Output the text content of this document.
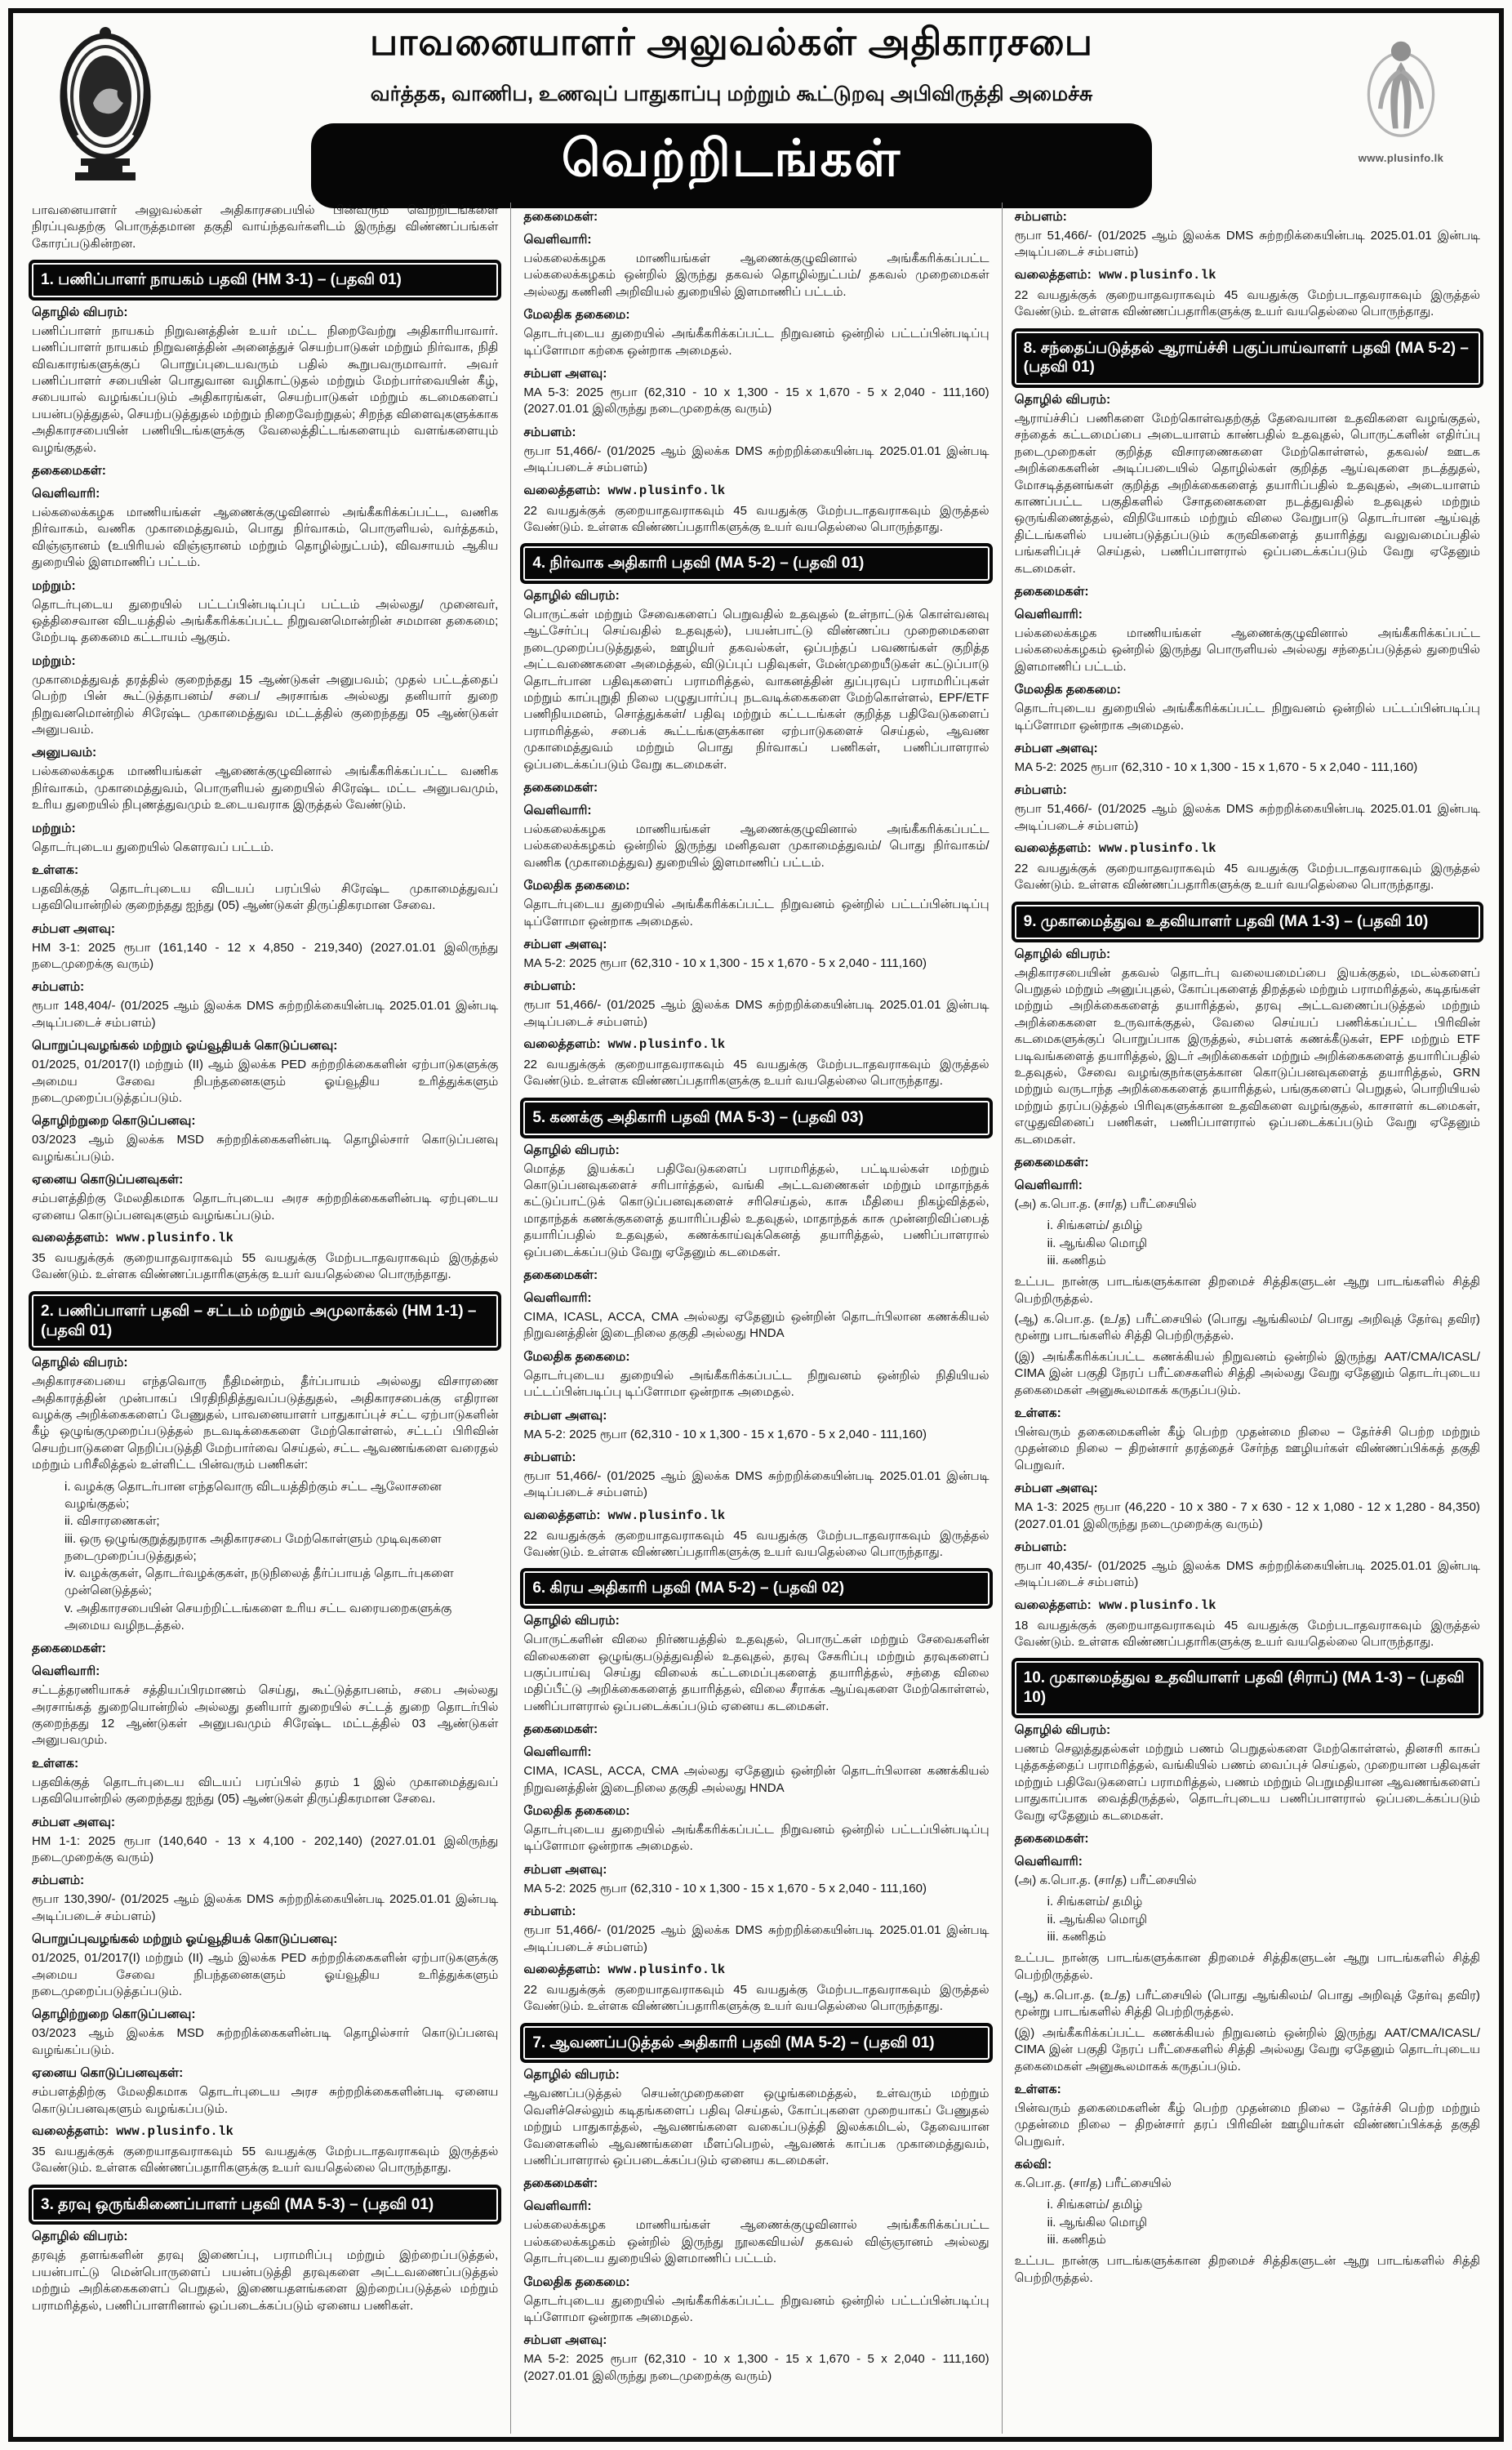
பாவனையாளர் அலுவல்கள் அதிகாரசபை
வர்த்தக, வாணிப, உணவுப் பாதுகாப்பு மற்றும் கூட்டுறவு அபிவிருத்தி அமைச்சு
வெற்றிடங்கள்	www.plusinfo.lk

பாவனையாளர் அலுவல்கள் அதிகாரசபையில் பின்வரும் வெற்றிடங்களை நிரப்புவதற்கு பொருத்தமான தகுதி வாய்ந்தவர்களிடம் இருந்து விண்ணப்பங்கள் கோரப்படுகின்றன.

1. பணிப்பாளர் நாயகம் பதவி (HM 3-1) – (பதவி 01)
தொழில் விபரம்:

பணிப்பாளர் நாயகம் நிறுவனத்தின் உயர் மட்ட நிறைவேற்று அதிகாரியாவார். பணிப்பாளர் நாயகம் நிறுவனத்தின் அனைத்துச் செயற்பாடுகள் மற்றும் நிர்வாக, நிதி விவகாரங்களுக்குப் பொறுப்புடையவரும் பதில் கூறுபவருமாவார். அவர் பணிப்பாளர் சபையின் பொதுவான வழிகாட்டுதல் மற்றும் மேற்பார்வையின் கீழ், சபையால் வழங்கப்படும் அதிகாரங்கள், செயற்பாடுகள் மற்றும் கடமைகளைப் பயன்படுத்துதல், செயற்படுத்துதல் மற்றும் நிறைவேற்றுதல்; சிறந்த விளைவுகளுக்காக அதிகாரசபையின் பணியிடங்களுக்கு வேலைத்திட்டங்களையும் வளங்களையும் வழங்குதல்.

தகைமைகள்:
வெளிவாரி:

பல்கலைக்கழக மாணியங்கள் ஆணைக்குழுவினால் அங்கீகரிக்கப்பட்ட, வணிக நிர்வாகம், வணிக முகாமைத்துவம், பொது நிர்வாகம், பொருளியல், வர்த்தகம், விஞ்ஞானம் (உயிரியல் விஞ்ஞானம் மற்றும் தொழில்நுட்பம்), விவசாயம் ஆகிய துறையில் இளமாணிப் பட்டம்.

மற்றும்:

தொடர்புடைய துறையில் பட்டப்பின்படிப்புப் பட்டம் அல்லது/ முனைவர், ஒத்திசைவான விடயத்தில் அங்கீகரிக்கப்பட்ட நிறுவனமொன்றின் சமமான தகைமை; மேற்படி தகைமை கட்டாயம் ஆகும்.

மற்றும்:

முகாமைத்துவத் தரத்தில் குறைந்தது 15 ஆண்டுகள் அனுபவம்; முதல் பட்டத்தைப் பெற்ற பின் கூட்டுத்தாபனம்/ சபை/ அரசாங்க அல்லது தனியார் துறை நிறுவனமொன்றில் சிரேஷ்ட முகாமைத்துவ மட்டத்தில் குறைந்தது 05 ஆண்டுகள் அனுபவம்.

அனுபவம்:

பல்கலைக்கழக மாணியங்கள் ஆணைக்குழுவினால் அங்கீகரிக்கப்பட்ட வணிக நிர்வாகம், முகாமைத்துவம், பொருளியல் துறையில் சிரேஷ்ட மட்ட அனுபவமும், உரிய துறையில் நிபுணத்துவமும் உடையவராக இருத்தல் வேண்டும்.

மற்றும்:

தொடர்புடைய துறையில் கௌரவப் பட்டம்.

உள்ளக:

பதவிக்குத் தொடர்புடைய விடயப் பரப்பில் சிரேஷ்ட முகாமைத்துவப் பதவியொன்றில் குறைந்தது ஐந்து (05) ஆண்டுகள் திருப்திகரமான சேவை.

சம்பள அளவு:

HM 3-1: 2025 ரூபா (161,140 - 12 x 4,850 - 219,340) (2027.01.01 இலிருந்து நடைமுறைக்கு வரும்)

சம்பளம்:

ரூபா 148,404/- (01/2025 ஆம் இலக்க DMS சுற்றறிக்கையின்படி 2025.01.01 இன்படி அடிப்படைச் சம்பளம்)

பொறுப்புவழங்கல் மற்றும் ஓய்வூதியக் கொடுப்பனவு:

01/2025, 01/2017(I) மற்றும் (II) ஆம் இலக்க PED சுற்றறிக்கைகளின் ஏற்பாடுகளுக்கு அமைய சேவை நிபந்தனைகளும் ஓய்வூதிய உரித்துக்களும் நடைமுறைப்படுத்தப்படும்.

தொழிற்றுறை கொடுப்பனவு:

03/2023 ஆம் இலக்க MSD சுற்றறிக்கைகளின்படி தொழில்சார் கொடுப்பனவு வழங்கப்படும்.

ஏனைய கொடுப்பனவுகள்:

சம்பளத்திற்கு மேலதிகமாக தொடர்புடைய அரச சுற்றறிக்கைகளின்படி ஏற்புடைய ஏனைய கொடுப்பனவுகளும் வழங்கப்படும்.

வலைத்தளம்: www.plusinfo.lk

35 வயதுக்குக் குறையாதவராகவும் 55 வயதுக்கு மேற்படாதவராகவும் இருத்தல் வேண்டும். உள்ளக விண்ணப்பதாரிகளுக்கு உயர் வயதெல்லை பொருந்தாது.

2. பணிப்பாளர் பதவி – சட்டம் மற்றும் அமுலாக்கல் (HM 1-1) – (பதவி 01)
தொழில் விபரம்:

அதிகாரசபையை எந்தவொரு நீதிமன்றம், தீர்ப்பாயம் அல்லது விசாரணை அதிகாரத்தின் முன்பாகப் பிரதிநிதித்துவப்படுத்துதல், அதிகாரசபைக்கு எதிரான வழக்கு அறிக்கைகளைப் பேணுதல், பாவனையாளர் பாதுகாப்புச் சட்ட ஏற்பாடுகளின் கீழ் ஒழுங்குமுறைப்படுத்தல் நடவடிக்கைகளை மேற்கொள்ளல், சட்டப் பிரிவின் செயற்பாடுகளை நெறிப்படுத்தி மேற்பார்வை செய்தல், சட்ட ஆவணங்களை வரைதல் மற்றும் பரிசீலித்தல் உள்ளிட்ட பின்வரும் பணிகள்:

i. வழக்கு தொடர்பான எந்தவொரு விடயத்திற்கும் சட்ட ஆலோசனை வழங்குதல்;
ii. விசாரணைகள்;
iii. ஒரு ஒழுங்குறுத்துநராக அதிகாரசபை மேற்கொள்ளும் முடிவுகளை நடைமுறைப்படுத்துதல்;
iv. வழக்குகள், தொடர்வழக்குகள், நடுநிலைத் தீர்ப்பாயத் தொடர்புகளை முன்னெடுத்தல்;
v. அதிகாரசபையின் செயற்றிட்டங்களை உரிய சட்ட வரையறைகளுக்கு அமைய வழிநடத்தல்.
தகைமைகள்:
வெளிவாரி:

சட்டத்தரணியாகச் சத்தியப்பிரமாணம் செய்து, கூட்டுத்தாபனம், சபை அல்லது அரசாங்கத் துறையொன்றில் அல்லது தனியார் துறையில் சட்டத் துறை தொடர்பில் குறைந்தது 12 ஆண்டுகள் அனுபவமும் சிரேஷ்ட மட்டத்தில் 03 ஆண்டுகள் அனுபவமும்.

உள்ளக:

பதவிக்குத் தொடர்புடைய விடயப் பரப்பில் தரம் 1 இல் முகாமைத்துவப் பதவியொன்றில் குறைந்தது ஐந்து (05) ஆண்டுகள் திருப்திகரமான சேவை.

சம்பள அளவு:

HM 1-1: 2025 ரூபா (140,640 - 13 x 4,100 - 202,140) (2027.01.01 இலிருந்து நடைமுறைக்கு வரும்)

சம்பளம்:

ரூபா 130,390/- (01/2025 ஆம் இலக்க DMS சுற்றறிக்கையின்படி 2025.01.01 இன்படி அடிப்படைச் சம்பளம்)

பொறுப்புவழங்கல் மற்றும் ஓய்வூதியக் கொடுப்பனவு:

01/2025, 01/2017(I) மற்றும் (II) ஆம் இலக்க PED சுற்றறிக்கைகளின் ஏற்பாடுகளுக்கு அமைய சேவை நிபந்தனைகளும் ஓய்வூதிய உரித்துக்களும் நடைமுறைப்படுத்தப்படும்.

தொழிற்றுறை கொடுப்பனவு:

03/2023 ஆம் இலக்க MSD சுற்றறிக்கைகளின்படி தொழில்சார் கொடுப்பனவு வழங்கப்படும்.

ஏனைய கொடுப்பனவுகள்:

சம்பளத்திற்கு மேலதிகமாக தொடர்புடைய அரச சுற்றறிக்கைகளின்படி ஏனைய கொடுப்பனவுகளும் வழங்கப்படும்.

வலைத்தளம்: www.plusinfo.lk

35 வயதுக்குக் குறையாதவராகவும் 55 வயதுக்கு மேற்படாதவராகவும் இருத்தல் வேண்டும். உள்ளக விண்ணப்பதாரிகளுக்கு உயர் வயதெல்லை பொருந்தாது.

3. தரவு ஒருங்கிணைப்பாளர் பதவி (MA 5-3) – (பதவி 01)
தொழில் விபரம்:

தரவுத் தளங்களின் தரவு இணைப்பு, பராமரிப்பு மற்றும் இற்றைப்படுத்தல், பயன்பாட்டு மென்பொருளைப் பயன்படுத்தி தரவுகளை அட்டவணைப்படுத்தல் மற்றும் அறிக்கைகளைப் பெறுதல், இணையதளங்களை இற்றைப்படுத்தல் மற்றும் பராமரித்தல், பணிப்பாளரினால் ஒப்படைக்கப்படும் ஏனைய பணிகள்.

தகைமைகள்:
வெளிவாரி:

பல்கலைக்கழக மாணியங்கள் ஆணைக்குழுவினால் அங்கீகரிக்கப்பட்ட பல்கலைக்கழகம் ஒன்றில் இருந்து தகவல் தொழில்நுட்பம்/ தகவல் முறைமைகள் அல்லது கணினி அறிவியல் துறையில் இளமாணிப் பட்டம்.

மேலதிக தகைமை:

தொடர்புடைய துறையில் அங்கீகரிக்கப்பட்ட நிறுவனம் ஒன்றில் பட்டப்பின்படிப்பு டிப்ளோமா கற்கை ஒன்றாக அமைதல்.

சம்பள அளவு:

MA 5-3: 2025 ரூபா (62,310 - 10 x 1,300 - 15 x 1,670 - 5 x 2,040 - 111,160) (2027.01.01 இலிருந்து நடைமுறைக்கு வரும்)

சம்பளம்:

ரூபா 51,466/- (01/2025 ஆம் இலக்க DMS சுற்றறிக்கையின்படி 2025.01.01 இன்படி அடிப்படைச் சம்பளம்)

வலைத்தளம்: www.plusinfo.lk

22 வயதுக்குக் குறையாதவராகவும் 45 வயதுக்கு மேற்படாதவராகவும் இருத்தல் வேண்டும். உள்ளக விண்ணப்பதாரிகளுக்கு உயர் வயதெல்லை பொருந்தாது.

4. நிர்வாக அதிகாரி பதவி (MA 5-2) – (பதவி 01)
தொழில் விபரம்:

பொருட்கள் மற்றும் சேவைகளைப் பெறுவதில் உதவுதல் (உள்நாட்டுக் கொள்வனவு ஆட்சேர்ப்பு செய்வதில் உதவுதல்), பயன்பாட்டு விண்ணப்ப முறைமைகளை நடைமுறைப்படுத்துதல், ஊழியர் தகவல்கள், ஒப்பந்தப் பவணங்கள் குறித்த அட்டவணைகளை அமைத்தல், விடுப்புப் பதிவுகள், மேன்முறையீடுகள் கட்டுப்பாடு தொடர்பான பதிவுகளைப் பராமரித்தல், வாகனத்தின் துப்புரவுப் பராமரிப்புகள் மற்றும் காப்புறுதி நிலை பழுதுபார்ப்பு நடவடிக்கைகளை மேற்கொள்ளல், EPF/ETF பணிநியமனம், சொத்துக்கள்/ பதிவு மற்றும் கட்டடங்கள் குறித்த பதிவேடுகளைப் பராமரித்தல், சபைக் கூட்டங்களுக்கான ஏற்பாடுகளைச் செய்தல், ஆவண முகாமைத்துவம் மற்றும் பொது நிர்வாகப் பணிகள், பணிப்பாளரால் ஒப்படைக்கப்படும் வேறு கடமைகள்.

தகைமைகள்:
வெளிவாரி:

பல்கலைக்கழக மாணியங்கள் ஆணைக்குழுவினால் அங்கீகரிக்கப்பட்ட பல்கலைக்கழகம் ஒன்றில் இருந்து மனிதவள முகாமைத்துவம்/ பொது நிர்வாகம்/ வணிக (முகாமைத்துவ) துறையில் இளமாணிப் பட்டம்.

மேலதிக தகைமை:

தொடர்புடைய துறையில் அங்கீகரிக்கப்பட்ட நிறுவனம் ஒன்றில் பட்டப்பின்படிப்பு டிப்ளோமா ஒன்றாக அமைதல்.

சம்பள அளவு:

MA 5-2: 2025 ரூபா (62,310 - 10 x 1,300 - 15 x 1,670 - 5 x 2,040 - 111,160)

சம்பளம்:

ரூபா 51,466/- (01/2025 ஆம் இலக்க DMS சுற்றறிக்கையின்படி 2025.01.01 இன்படி அடிப்படைச் சம்பளம்)

வலைத்தளம்: www.plusinfo.lk

22 வயதுக்குக் குறையாதவராகவும் 45 வயதுக்கு மேற்படாதவராகவும் இருத்தல் வேண்டும். உள்ளக விண்ணப்பதாரிகளுக்கு உயர் வயதெல்லை பொருந்தாது.

5. கணக்கு அதிகாரி பதவி (MA 5-3) – (பதவி 03)
தொழில் விபரம்:

மொத்த இயக்கப் பதிவேடுகளைப் பராமரித்தல், பட்டியல்கள் மற்றும் கொடுப்பனவுகளைச் சரிபார்த்தல், வங்கி அட்டவணைகள் மற்றும் மாதாந்தக் கட்டுப்பாட்டுக் கொடுப்பனவுகளைச் சரிசெய்தல், காசு மீதியை நிகழ்வித்தல், மாதாந்தக் கணக்குகளைத் தயாரிப்பதில் உதவுதல், மாதாந்தக் காசு முன்னறிவிப்பைத் தயாரிப்பதில் உதவுதல், கணக்காய்வுக்கெனத் தயாரித்தல், பணிப்பாளரால் ஒப்படைக்கப்படும் வேறு ஏதேனும் கடமைகள்.

தகைமைகள்:
வெளிவாரி:

CIMA, ICASL, ACCA, CMA அல்லது ஏதேனும் ஒன்றின் தொடர்பிலான கணக்கியல் நிறுவனத்தின் இடைநிலை தகுதி அல்லது HNDA

மேலதிக தகைமை:

தொடர்புடைய துறையில் அங்கீகரிக்கப்பட்ட நிறுவனம் ஒன்றில் நிதியியல் பட்டப்பின்படிப்பு டிப்ளோமா ஒன்றாக அமைதல்.

சம்பள அளவு:

MA 5-2: 2025 ரூபா (62,310 - 10 x 1,300 - 15 x 1,670 - 5 x 2,040 - 111,160)

சம்பளம்:

ரூபா 51,466/- (01/2025 ஆம் இலக்க DMS சுற்றறிக்கையின்படி 2025.01.01 இன்படி அடிப்படைச் சம்பளம்)

வலைத்தளம்: www.plusinfo.lk

22 வயதுக்குக் குறையாதவராகவும் 45 வயதுக்கு மேற்படாதவராகவும் இருத்தல் வேண்டும். உள்ளக விண்ணப்பதாரிகளுக்கு உயர் வயதெல்லை பொருந்தாது.

6. கிரய அதிகாரி பதவி (MA 5-2) – (பதவி 02)
தொழில் விபரம்:

பொருட்களின் விலை நிர்ணயத்தில் உதவுதல், பொருட்கள் மற்றும் சேவைகளின் விலைகளை ஒழுங்குபடுத்துவதில் உதவுதல், தரவு சேகரிப்பு மற்றும் தரவுகளைப் பகுப்பாய்வு செய்து விலைக் கட்டமைப்புகளைத் தயாரித்தல், சந்தை விலை மதிப்பீட்டு அறிக்கைகளைத் தயாரித்தல், விலை சீராக்க ஆய்வுகளை மேற்கொள்ளல், பணிப்பாளரால் ஒப்படைக்கப்படும் ஏனைய கடமைகள்.

தகைமைகள்:
வெளிவாரி:

CIMA, ICASL, ACCA, CMA அல்லது ஏதேனும் ஒன்றின் தொடர்பிலான கணக்கியல் நிறுவனத்தின் இடைநிலை தகுதி அல்லது HNDA

மேலதிக தகைமை:

தொடர்புடைய துறையில் அங்கீகரிக்கப்பட்ட நிறுவனம் ஒன்றில் பட்டப்பின்படிப்பு டிப்ளோமா ஒன்றாக அமைதல்.

சம்பள அளவு:

MA 5-2: 2025 ரூபா (62,310 - 10 x 1,300 - 15 x 1,670 - 5 x 2,040 - 111,160)

சம்பளம்:

ரூபா 51,466/- (01/2025 ஆம் இலக்க DMS சுற்றறிக்கையின்படி 2025.01.01 இன்படி அடிப்படைச் சம்பளம்)

வலைத்தளம்: www.plusinfo.lk

22 வயதுக்குக் குறையாதவராகவும் 45 வயதுக்கு மேற்படாதவராகவும் இருத்தல் வேண்டும். உள்ளக விண்ணப்பதாரிகளுக்கு உயர் வயதெல்லை பொருந்தாது.

7. ஆவணப்படுத்தல் அதிகாரி பதவி (MA 5-2) – (பதவி 01)
தொழில் விபரம்:

ஆவணப்படுத்தல் செயன்முறைகளை ஒழுங்கமைத்தல், உள்வரும் மற்றும் வெளிச்செல்லும் கடிதங்களைப் பதிவு செய்தல், கோப்புகளை முறையாகப் பேணுதல் மற்றும் பாதுகாத்தல், ஆவணங்களை வகைப்படுத்தி இலக்கமிடல், தேவையான வேளைகளில் ஆவணங்களை மீளப்பெறல், ஆவணக் காப்பக முகாமைத்துவம், பணிப்பாளரால் ஒப்படைக்கப்படும் ஏனைய கடமைகள்.

தகைமைகள்:
வெளிவாரி:

பல்கலைக்கழக மாணியங்கள் ஆணைக்குழுவினால் அங்கீகரிக்கப்பட்ட பல்கலைக்கழகம் ஒன்றில் இருந்து நூலகவியல்/ தகவல் விஞ்ஞானம் அல்லது தொடர்புடைய துறையில் இளமாணிப் பட்டம்.

மேலதிக தகைமை:

தொடர்புடைய துறையில் அங்கீகரிக்கப்பட்ட நிறுவனம் ஒன்றில் பட்டப்பின்படிப்பு டிப்ளோமா ஒன்றாக அமைதல்.

சம்பள அளவு:

MA 5-2: 2025 ரூபா (62,310 - 10 x 1,300 - 15 x 1,670 - 5 x 2,040 - 111,160) (2027.01.01 இலிருந்து நடைமுறைக்கு வரும்)

சம்பளம்:

ரூபா 51,466/- (01/2025 ஆம் இலக்க DMS சுற்றறிக்கையின்படி 2025.01.01 இன்படி அடிப்படைச் சம்பளம்)

வலைத்தளம்: www.plusinfo.lk

22 வயதுக்குக் குறையாதவராகவும் 45 வயதுக்கு மேற்படாதவராகவும் இருத்தல் வேண்டும். உள்ளக விண்ணப்பதாரிகளுக்கு உயர் வயதெல்லை பொருந்தாது.

8. சந்தைப்படுத்தல் ஆராய்ச்சி பகுப்பாய்வாளர் பதவி (MA 5-2) – (பதவி 01)
தொழில் விபரம்:

ஆராய்ச்சிப் பணிகளை மேற்கொள்வதற்குத் தேவையான உதவிகளை வழங்குதல், சந்தைக் கட்டமைப்பை அடையாளம் காண்பதில் உதவுதல், பொருட்களின் எதிர்ப்பு நடைமுறைகள் குறித்த விசாரணைகளை மேற்கொள்ளல், தகவல்/ ஊடக அறிக்கைகளின் அடிப்படையில் தொழில்கள் குறித்த ஆய்வுகளை நடத்துதல், மோசடித்தனங்கள் குறித்த அறிக்கைகளைத் தயாரிப்பதில் உதவுதல், அடையாளம் காணப்பட்ட பகுதிகளில் சோதனைகளை நடத்துவதில் உதவுதல் மற்றும் ஒருங்கிணைத்தல், விநியோகம் மற்றும் விலை வேறுபாடு தொடர்பான ஆய்வுத் திட்டங்களில் பயன்படுத்தப்படும் கருவிகளைத் தயாரித்து வலுவமைப்பதில் பங்களிப்புச் செய்தல், பணிப்பாளரால் ஒப்படைக்கப்படும் வேறு ஏதேனும் கடமைகள்.

தகைமைகள்:
வெளிவாரி:

பல்கலைக்கழக மாணியங்கள் ஆணைக்குழுவினால் அங்கீகரிக்கப்பட்ட பல்கலைக்கழகம் ஒன்றில் இருந்து பொருளியல் அல்லது சந்தைப்படுத்தல் துறையில் இளமாணிப் பட்டம்.

மேலதிக தகைமை:

தொடர்புடைய துறையில் அங்கீகரிக்கப்பட்ட நிறுவனம் ஒன்றில் பட்டப்பின்படிப்பு டிப்ளோமா ஒன்றாக அமைதல்.

சம்பள அளவு:

MA 5-2: 2025 ரூபா (62,310 - 10 x 1,300 - 15 x 1,670 - 5 x 2,040 - 111,160)

சம்பளம்:

ரூபா 51,466/- (01/2025 ஆம் இலக்க DMS சுற்றறிக்கையின்படி 2025.01.01 இன்படி அடிப்படைச் சம்பளம்)

வலைத்தளம்: www.plusinfo.lk

22 வயதுக்குக் குறையாதவராகவும் 45 வயதுக்கு மேற்படாதவராகவும் இருத்தல் வேண்டும். உள்ளக விண்ணப்பதாரிகளுக்கு உயர் வயதெல்லை பொருந்தாது.

9. முகாமைத்துவ உதவியாளர் பதவி (MA 1-3) – (பதவி 10)
தொழில் விபரம்:

அதிகாரசபையின் தகவல் தொடர்பு வலையமைப்பை இயக்குதல், மடல்களைப் பெறுதல் மற்றும் அனுப்புதல், கோப்புகளைத் திறத்தல் மற்றும் பராமரித்தல், கடிதங்கள் மற்றும் அறிக்கைகளைத் தயாரித்தல், தரவு அட்டவணைப்படுத்தல் மற்றும் அறிக்கைகளை உருவாக்குதல், வேலை செய்யப் பணிக்கப்பட்ட பிரிவின் கடமைகளுக்குப் பொறுப்பாக இருத்தல், சம்பளக் கணக்கீடுகள், EPF மற்றும் ETF படிவங்களைத் தயாரித்தல், இடர் அறிக்கைகள் மற்றும் அறிக்கைகளைத் தயாரிப்பதில் உதவுதல், சேவை வழங்குநர்களுக்கான கொடுப்பனவுகளைத் தயாரித்தல், GRN மற்றும் வருடாந்த அறிக்கைகளைத் தயாரித்தல், பங்குகளைப் பெறுதல், பொறியியல் மற்றும் தரப்படுத்தல் பிரிவுகளுக்கான உதவிகளை வழங்குதல், காசாளர் கடமைகள், எழுதுவினைப் பணிகள், பணிப்பாளரால் ஒப்படைக்கப்படும் வேறு ஏதேனும் கடமைகள்.

தகைமைகள்:
வெளிவாரி:

(அ) க.பொ.த. (சா/த) பரீட்சையில்

i. சிங்களம்/ தமிழ்
ii. ஆங்கில மொழி
iii. கணிதம்

உட்பட நான்கு பாடங்களுக்கான திறமைச் சித்திகளுடன் ஆறு பாடங்களில் சித்தி பெற்றிருத்தல்.

(ஆ) க.பொ.த. (உ/த) பரீட்சையில் (பொது ஆங்கிலம்/ பொது அறிவுத் தேர்வு தவிர) மூன்று பாடங்களில் சித்தி பெற்றிருத்தல்.

(இ) அங்கீகரிக்கப்பட்ட கணக்கியல் நிறுவனம் ஒன்றில் இருந்து AAT/CMA/ICASL/ CIMA இன் பகுதி நேரப் பரீட்சைகளில் சித்தி அல்லது வேறு ஏதேனும் தொடர்புடைய தகைமைகள் அனுகூலமாகக் கருதப்படும்.

உள்ளக:

பின்வரும் தகைமைகளின் கீழ் பெற்ற முதன்மை நிலை – தேர்ச்சி பெற்ற மற்றும் முதன்மை நிலை – திறன்சார் தரத்தைச் சேர்ந்த ஊழியர்கள் விண்ணப்பிக்கத் தகுதி பெறுவர்.

சம்பள அளவு:

MA 1-3: 2025 ரூபா (46,220 - 10 x 380 - 7 x 630 - 12 x 1,080 - 12 x 1,280 - 84,350) (2027.01.01 இலிருந்து நடைமுறைக்கு வரும்)

சம்பளம்:

ரூபா 40,435/- (01/2025 ஆம் இலக்க DMS சுற்றறிக்கையின்படி 2025.01.01 இன்படி அடிப்படைச் சம்பளம்)

வலைத்தளம்: www.plusinfo.lk

18 வயதுக்குக் குறையாதவராகவும் 45 வயதுக்கு மேற்படாதவராகவும் இருத்தல் வேண்டும். உள்ளக விண்ணப்பதாரிகளுக்கு உயர் வயதெல்லை பொருந்தாது.

10. முகாமைத்துவ உதவியாளர் பதவி (சிராப்) (MA 1-3) – (பதவி 10)
தொழில் விபரம்:

பணம் செலுத்துதல்கள் மற்றும் பணம் பெறுதல்களை மேற்கொள்ளல், தினசரி காசுப் புத்தகத்தைப் பராமரித்தல், வங்கியில் பணம் வைப்புச் செய்தல், முறையான பதிவுகள் மற்றும் பதிவேடுகளைப் பராமரித்தல், பணம் மற்றும் பெறுமதியான ஆவணங்களைப் பாதுகாப்பாக வைத்திருத்தல், தொடர்புடைய பணிப்பாளரால் ஒப்படைக்கப்படும் வேறு ஏதேனும் கடமைகள்.

தகைமைகள்:
வெளிவாரி:

(அ) க.பொ.த. (சா/த) பரீட்சையில்

i. சிங்களம்/ தமிழ்
ii. ஆங்கில மொழி
iii. கணிதம்

உட்பட நான்கு பாடங்களுக்கான திறமைச் சித்திகளுடன் ஆறு பாடங்களில் சித்தி பெற்றிருத்தல்.

(ஆ) க.பொ.த. (உ/த) பரீட்சையில் (பொது ஆங்கிலம்/ பொது அறிவுத் தேர்வு தவிர) மூன்று பாடங்களில் சித்தி பெற்றிருத்தல்.

(இ) அங்கீகரிக்கப்பட்ட கணக்கியல் நிறுவனம் ஒன்றில் இருந்து AAT/CMA/ICASL/ CIMA இன் பகுதி நேரப் பரீட்சைகளில் சித்தி அல்லது வேறு ஏதேனும் தொடர்புடைய தகைமைகள் அனுகூலமாகக் கருதப்படும்.

உள்ளக:

பின்வரும் தகைமைகளின் கீழ் பெற்ற முதன்மை நிலை – தேர்ச்சி பெற்ற மற்றும் முதன்மை நிலை – திறன்சார் தரப் பிரிவின் ஊழியர்கள் விண்ணப்பிக்கத் தகுதி பெறுவர்.

கல்வி:

க.பொ.த. (சா/த) பரீட்சையில்

i. சிங்களம்/ தமிழ்
ii. ஆங்கில மொழி
iii. கணிதம்

உட்பட நான்கு பாடங்களுக்கான திறமைச் சித்திகளுடன் ஆறு பாடங்களில் சித்தி பெற்றிருத்தல்.
